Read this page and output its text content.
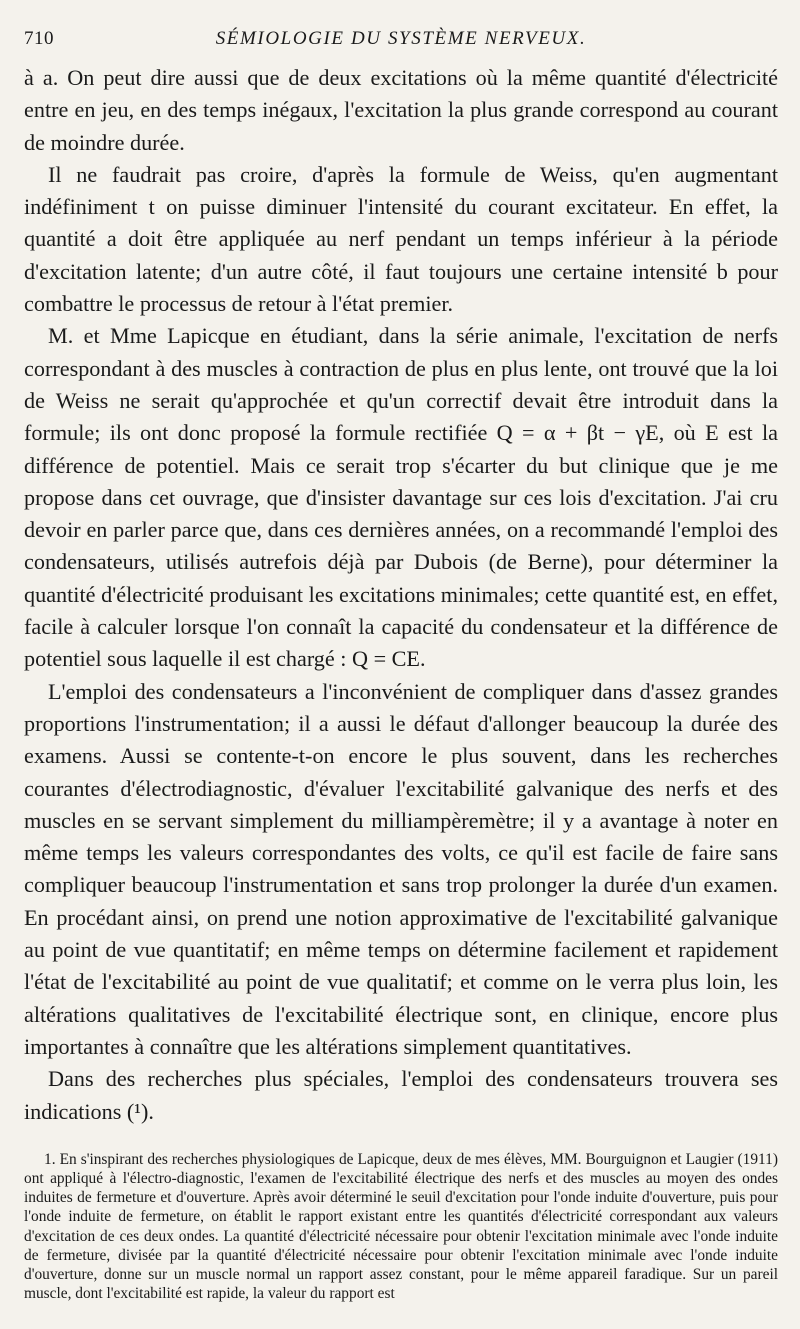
710	SÉMIOLOGIE DU SYSTÈME NERVEUX.

à a. On peut dire aussi que de deux excitations où la même quantité d'électricité entre en jeu, en des temps inégaux, l'excitation la plus grande correspond au courant de moindre durée.

Il ne faudrait pas croire, d'après la formule de Weiss, qu'en augmentant indéfiniment t on puisse diminuer l'intensité du courant excitateur. En effet, la quantité a doit être appliquée au nerf pendant un temps inférieur à la période d'excitation latente; d'un autre côté, il faut toujours une certaine intensité b pour combattre le processus de retour à l'état premier.

M. et Mme Lapicque en étudiant, dans la série animale, l'excitation de nerfs correspondant à des muscles à contraction de plus en plus lente, ont trouvé que la loi de Weiss ne serait qu'approchée et qu'un correctif devait être introduit dans la formule; ils ont donc proposé la formule rectifiée Q = α + βt − γE, où E est la différence de potentiel. Mais ce serait trop s'écarter du but clinique que je me propose dans cet ouvrage, que d'insister davantage sur ces lois d'excitation. J'ai cru devoir en parler parce que, dans ces dernières années, on a recommandé l'emploi des condensateurs, utilisés autrefois déjà par Dubois (de Berne), pour déterminer la quantité d'électricité produisant les excitations minimales; cette quantité est, en effet, facile à calculer lorsque l'on connaît la capacité du condensateur et la différence de potentiel sous laquelle il est chargé : Q = CE.

L'emploi des condensateurs a l'inconvénient de compliquer dans d'assez grandes proportions l'instrumentation; il a aussi le défaut d'allonger beaucoup la durée des examens. Aussi se contente-t-on encore le plus souvent, dans les recherches courantes d'électrodiagnostic, d'évaluer l'excitabilité galvanique des nerfs et des muscles en se servant simplement du milliampèremètre; il y a avantage à noter en même temps les valeurs correspondantes des volts, ce qu'il est facile de faire sans compliquer beaucoup l'instrumentation et sans trop prolonger la durée d'un examen. En procédant ainsi, on prend une notion approximative de l'excitabilité galvanique au point de vue quantitatif; en même temps on détermine facilement et rapidement l'état de l'excitabilité au point de vue qualitatif; et comme on le verra plus loin, les altérations qualitatives de l'excitabilité électrique sont, en clinique, encore plus importantes à connaître que les altérations simplement quantitatives.

Dans des recherches plus spéciales, l'emploi des condensateurs trouvera ses indications (¹).

1. En s'inspirant des recherches physiologiques de Lapicque, deux de mes élèves, MM. Bourguignon et Laugier (1911) ont appliqué à l'électro-diagnostic, l'examen de l'excitabilité électrique des nerfs et des muscles au moyen des ondes induites de fermeture et d'ouverture. Après avoir déterminé le seuil d'excitation pour l'onde induite d'ouverture, puis pour l'onde induite de fermeture, on établit le rapport existant entre les quantités d'électricité correspondant aux valeurs d'excitation de ces deux ondes. La quantité d'électricité nécessaire pour obtenir l'excitation minimale avec l'onde induite de fermeture, divisée par la quantité d'électricité nécessaire pour obtenir l'excitation minimale avec l'onde induite d'ouverture, donne sur un muscle normal un rapport assez constant, pour le même appareil faradique. Sur un pareil muscle, dont l'excitabilité est rapide, la valeur du rapport est
